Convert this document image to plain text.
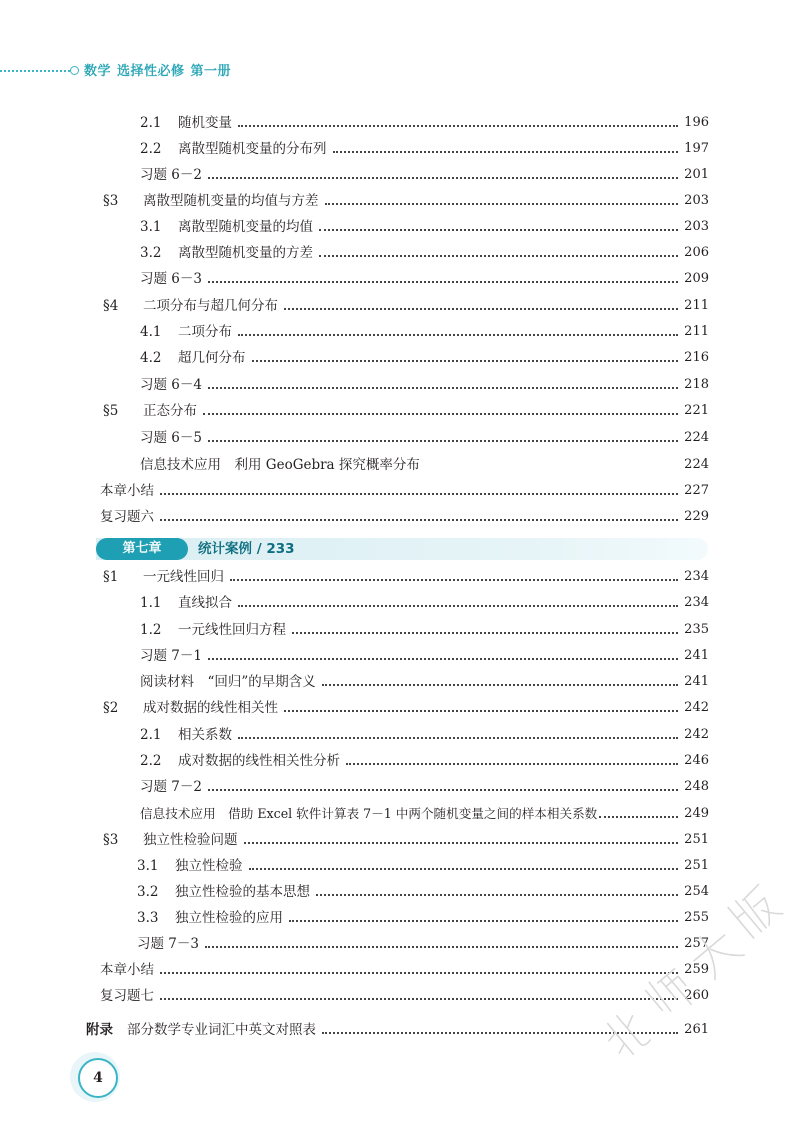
数学 选择性必修 第一册
2.1 随机变量	196
2.2 离散型随机变量的分布列	197
习题 6－2	201
§3 离散型随机变量的均值与方差	203
3.1 离散型随机变量的均值	203
3.2 离散型随机变量的方差	206
习题 6－3	209
§4 二项分布与超几何分布	211
4.1 二项分布	211
4.2 超几何分布	216
习题 6－4	218
§5 正态分布	221
习题 6－5	224
信息技术应用　利用 GeoGebra 探究概率分布	224
本章小结	227
复习题六	229
第七章	统计案例 / 233
§1 一元线性回归	234
1.1 直线拟合	234
1.2 一元线性回归方程	235
习题 7－1	241
阅读材料　“回归”的早期含义	241
§2 成对数据的线性相关性	242
2.1 相关系数	242
2.2 成对数据的线性相关性分析	246
习题 7－2	248
信息技术应用　借助 Excel 软件计算表 7－1 中两个随机变量之间的样本相关系数	249
§3 独立性检验问题	251
3.1 独立性检验	251
3.2 独立性检验的基本思想	254
3.3 独立性检验的应用	255
习题 7－3	257
本章小结	259
复习题七	260
附录 部分数学专业词汇中英文对照表	261
4
